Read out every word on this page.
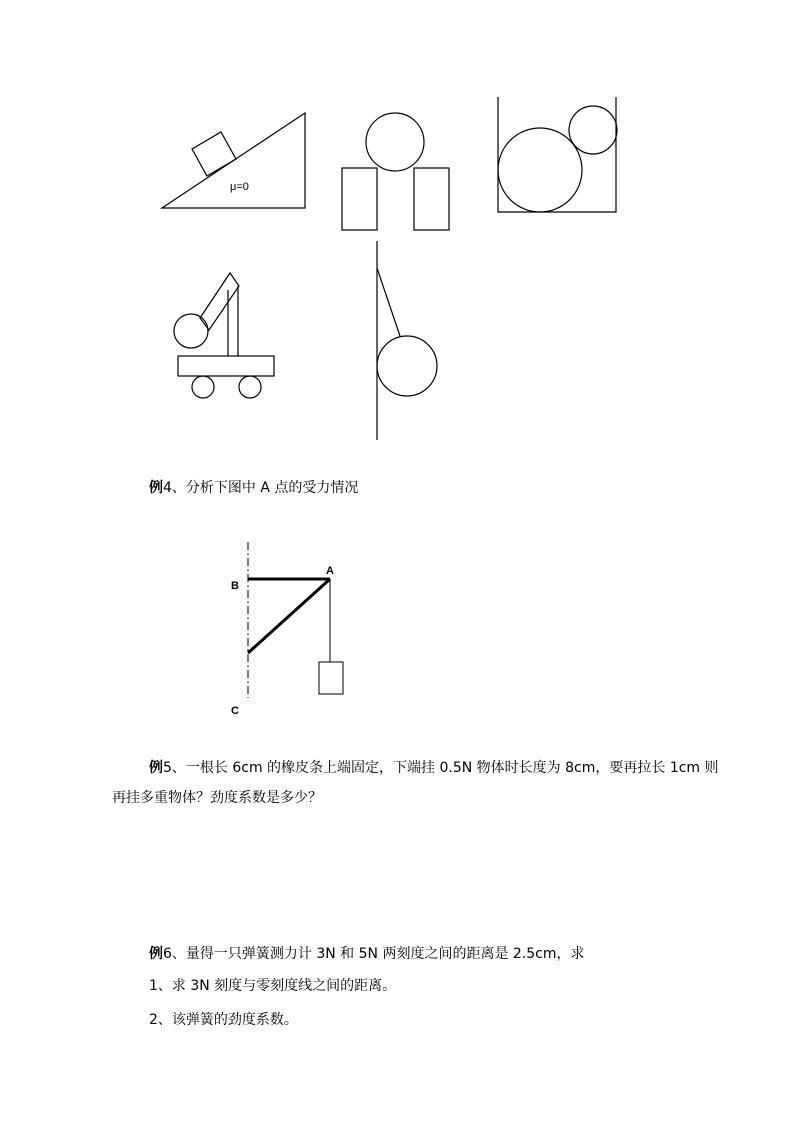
μ=0
例4、分析下图中 A 点的受力情况
A
B
C
例5、一根长 6cm 的橡皮条上端固定，下端挂 0.5N 物体时长度为 8cm，要再拉长 1cm 则
再挂多重物体？劲度系数是多少？
例6、量得一只弹簧测力计 3N 和 5N 两刻度之间的距离是 2.5cm，求
1、求 3N 刻度与零刻度线之间的距离。
2、该弹簧的劲度系数。
